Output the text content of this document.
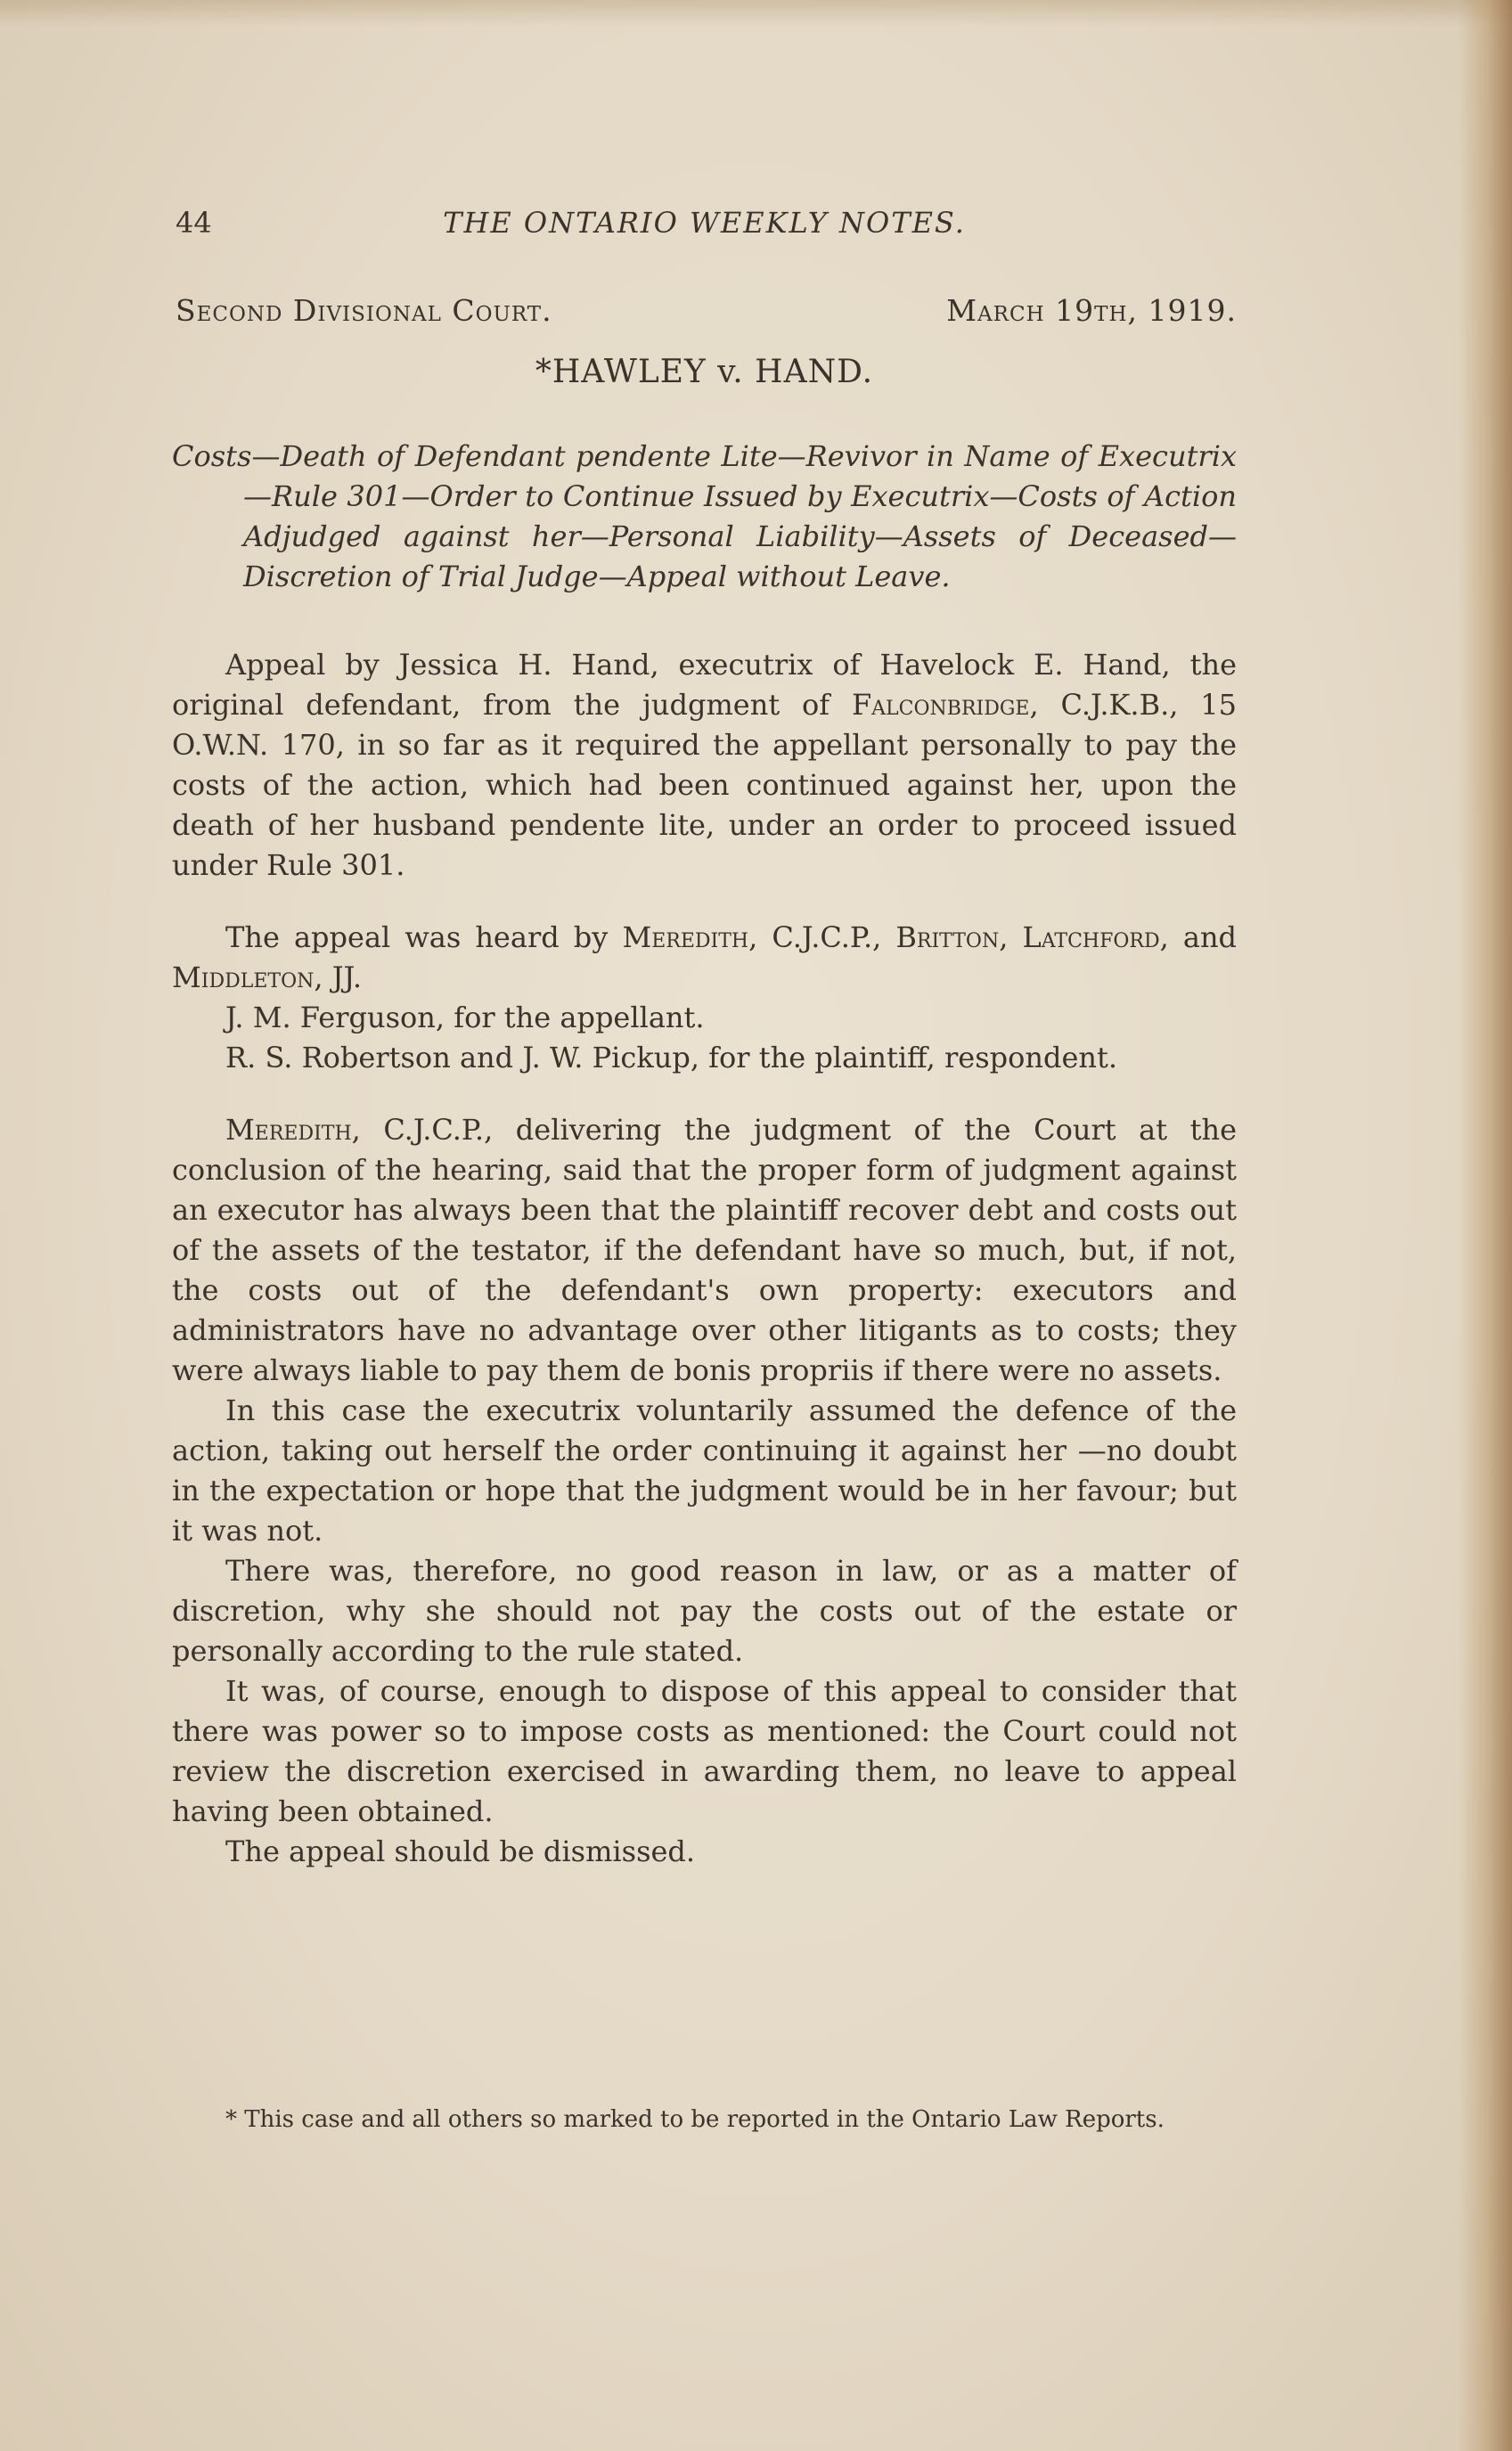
44	THE ONTARIO WEEKLY NOTES.
Second Divisional Court.	March 19th, 1919.
*HAWLEY v. HAND.

Costs—Death of Defendant pendente Lite—Revivor in Name of Executrix—Rule 301—Order to Continue Issued by Executrix—Costs of Action Adjudged against her—Personal Liability—Assets of Deceased—Discretion of Trial Judge—Appeal without Leave.

Appeal by Jessica H. Hand, executrix of Havelock E. Hand, the original defendant, from the judgment of Falconbridge, C.J.K.B., 15 O.W.N. 170, in so far as it required the appellant personally to pay the costs of the action, which had been continued against her, upon the death of her husband pendente lite, under an order to proceed issued under Rule 301.

The appeal was heard by Meredith, C.J.C.P., Britton, Latchford, and Middleton, JJ.

J. M. Ferguson, for the appellant.

R. S. Robertson and J. W. Pickup, for the plaintiff, respondent.

Meredith, C.J.C.P., delivering the judgment of the Court at the conclusion of the hearing, said that the proper form of judgment against an executor has always been that the plaintiff recover debt and costs out of the assets of the testator, if the defendant have so much, but, if not, the costs out of the defendant's own property: executors and administrators have no advantage over other litigants as to costs; they were always liable to pay them de bonis propriis if there were no assets.

In this case the executrix voluntarily assumed the defence of the action, taking out herself the order continuing it against her —no doubt in the expectation or hope that the judgment would be in her favour; but it was not.

There was, therefore, no good reason in law, or as a matter of discretion, why she should not pay the costs out of the estate or personally according to the rule stated.

It was, of course, enough to dispose of this appeal to consider that there was power so to impose costs as mentioned: the Court could not review the discretion exercised in awarding them, no leave to appeal having been obtained.

The appeal should be dismissed.

* This case and all others so marked to be reported in the Ontario Law Reports.
